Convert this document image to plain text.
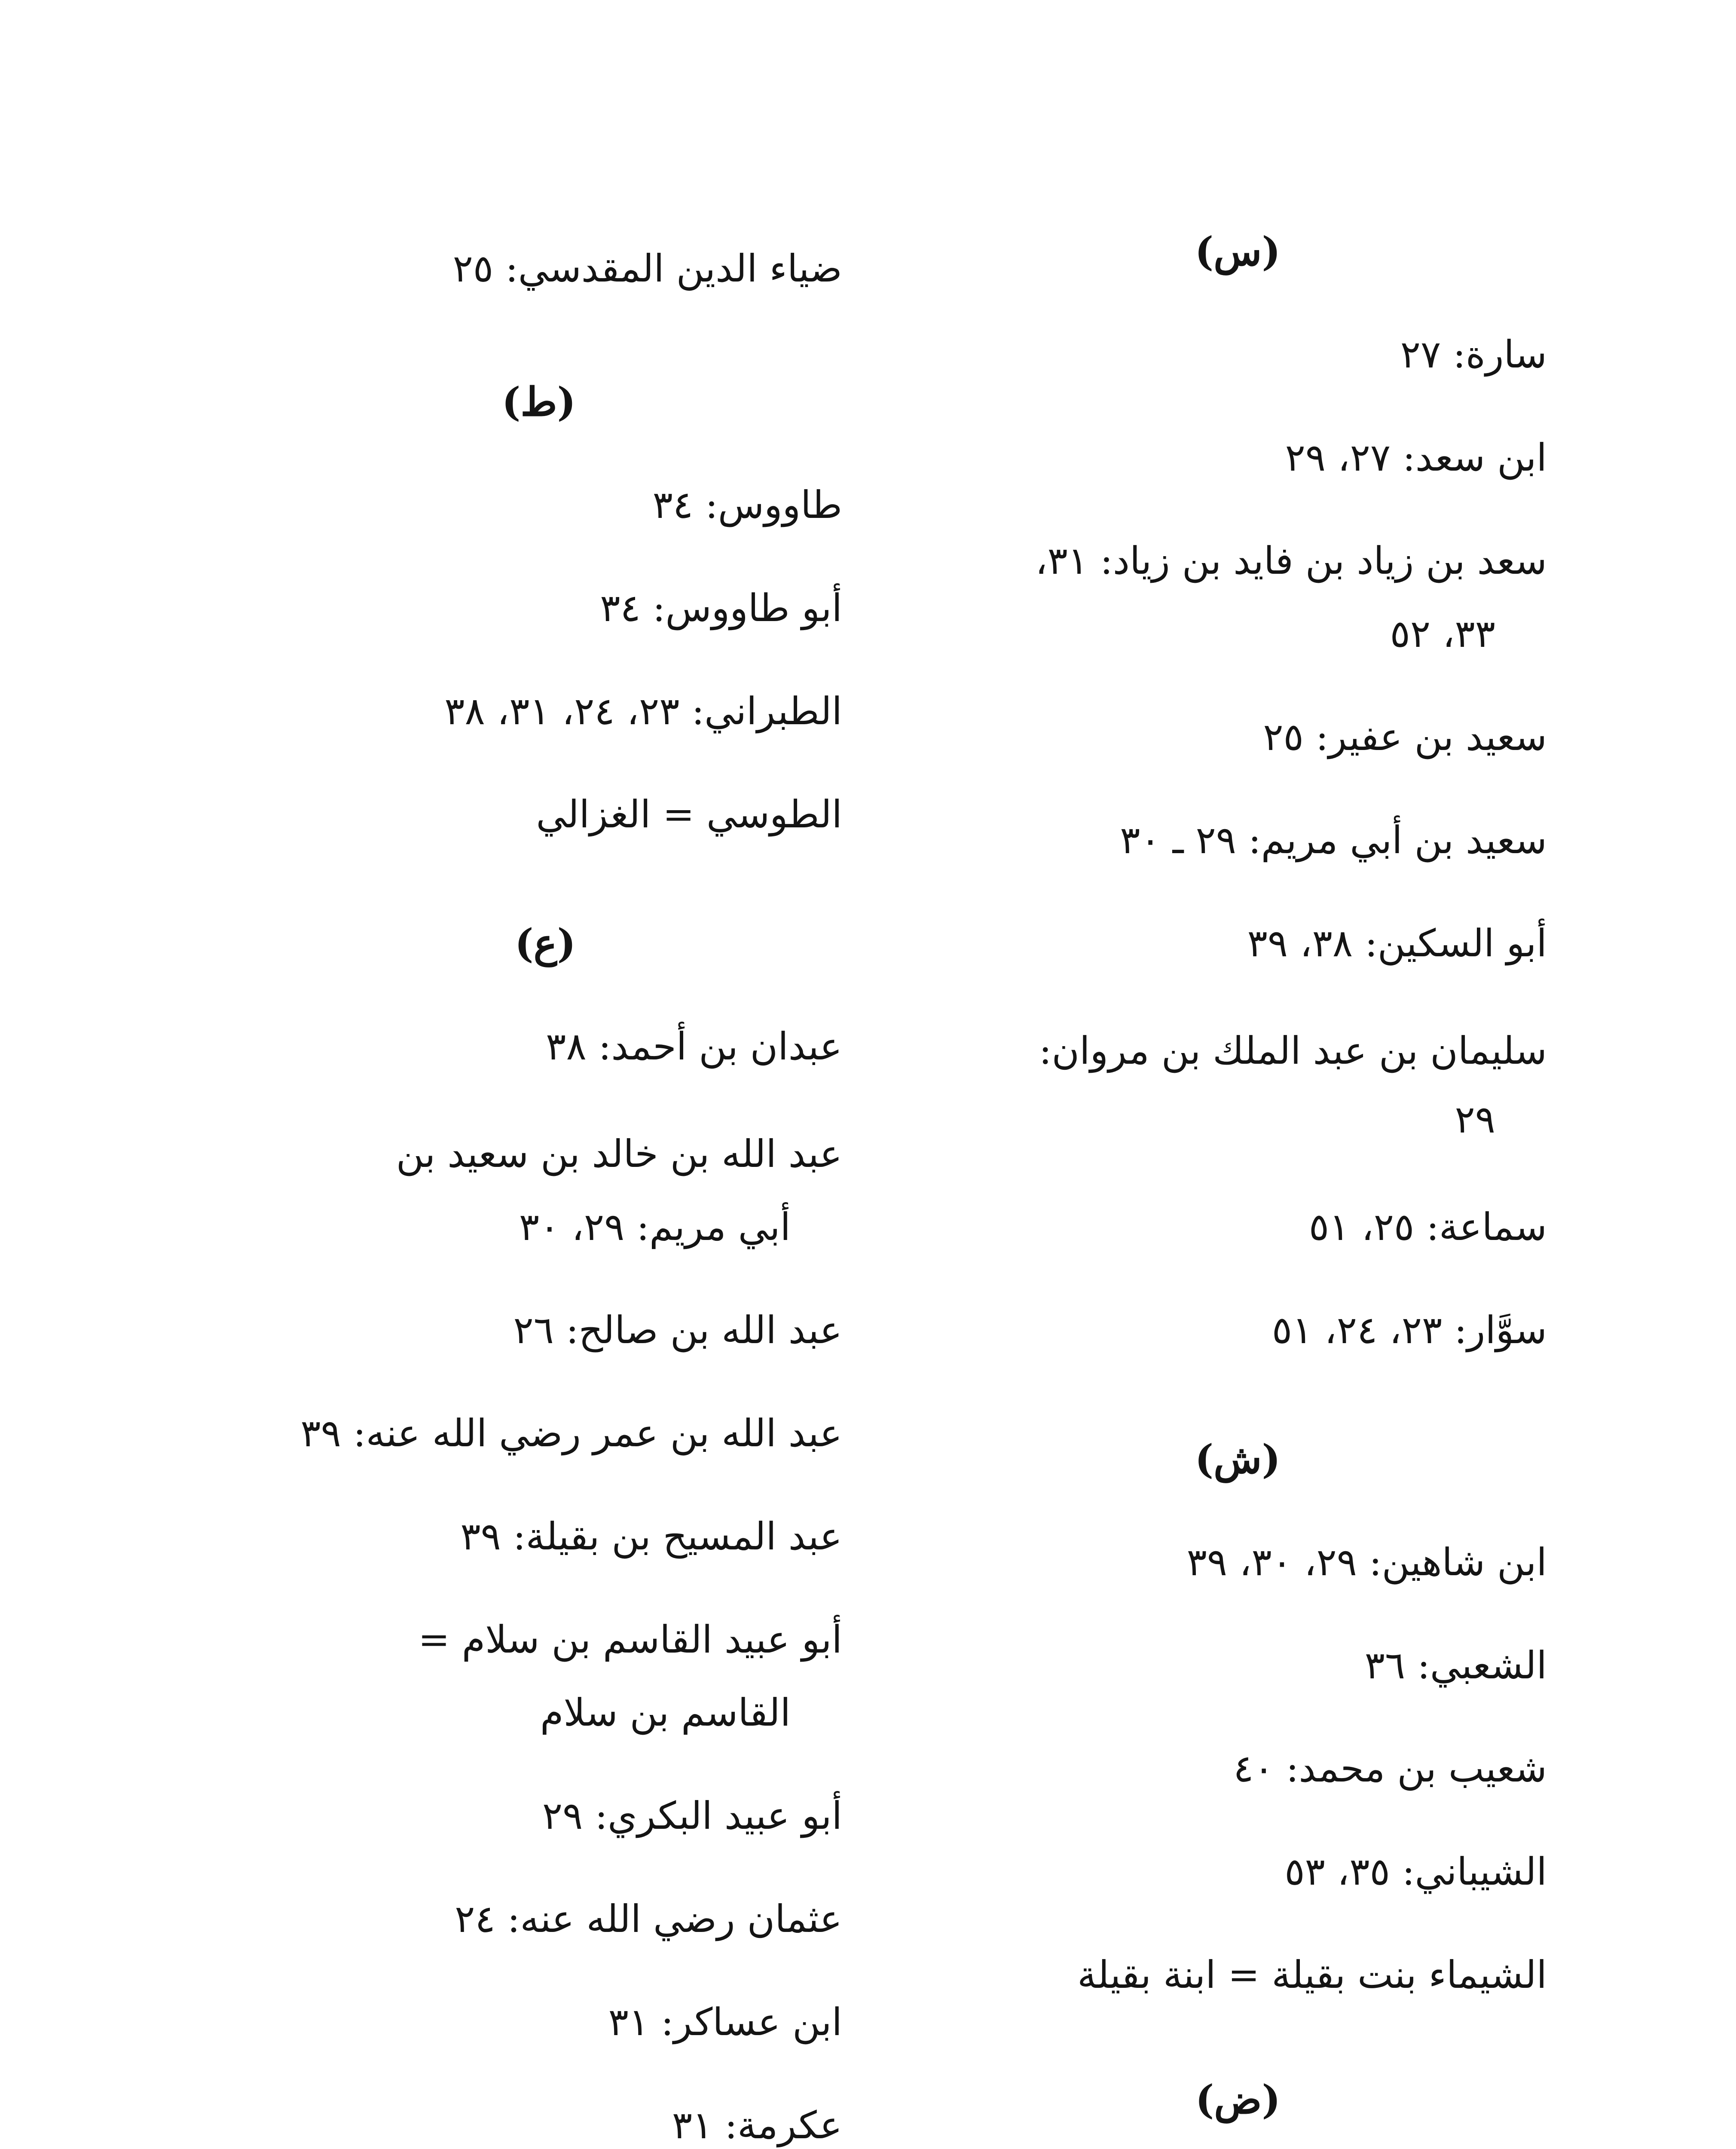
(س)

سارة: ٢٧

ابن سعد: ٢٧، ٢٩

سعد بن زياد بن فايد بن زياد: ٣١،

٣٣، ٥٢

سعيد بن عفير: ٢٥

سعيد بن أبي مريم: ٢٩ ـ ٣٠

أبو السكين: ٣٨، ٣٩

سليمان بن عبد الملك بن مروان:

٢٩

سماعة: ٢٥، ٥١

سوَّار: ٢٣، ٢٤، ٥١

(ش)

ابن شاهين: ٢٩، ٣٠، ٣٩

الشعبي: ٣٦

شعيب بن محمد: ٤٠

الشيباني: ٣٥، ٥٣

الشيماء بنت بقيلة = ابنة بقيلة

(ض)

ضياء الدين المقدسي: ٢٥

(ط)

طاووس: ٣٤

أبو طاووس: ٣٤

الطبراني: ٢٣، ٢٤، ٣١، ٣٨

الطوسي = الغزالي

(ع)

عبدان بن أحمد: ٣٨

عبد الله بن خالد بن سعيد بن

أبي مريم: ٢٩، ٣٠

عبد الله بن صالح: ٢٦

عبد الله بن عمر رضي الله عنه: ٣٩

عبد المسيح بن بقيلة: ٣٩

أبو عبيد القاسم بن سلام =

القاسم بن سلام

أبو عبيد البكري: ٢٩

عثمان رضي الله عنه: ٢٤

ابن عساكر: ٣١

عكرمة: ٣١
